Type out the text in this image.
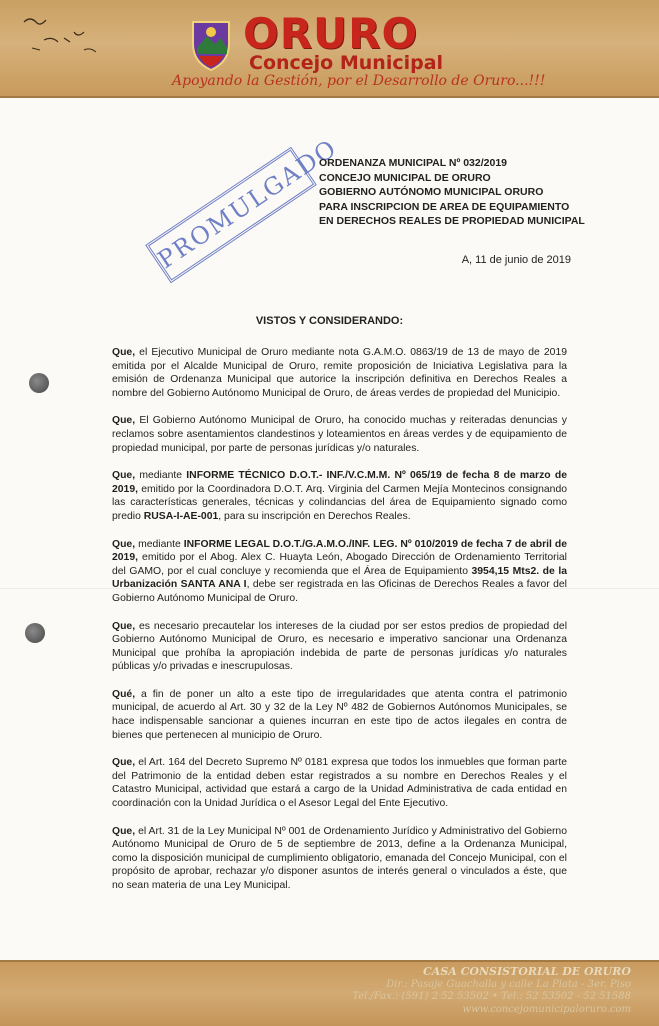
ORURO
Concejo Municipal
Apoyando la Gestión, por el Desarrollo de Oruro...!!!
PROMULGADO
ORDENANZA MUNICIPAL Nº 032/2019
CONCEJO MUNICIPAL DE ORURO
GOBIERNO AUTÓNOMO MUNICIPAL ORURO
PARA INSCRIPCION DE AREA DE EQUIPAMIENTO
EN DERECHOS REALES DE PROPIEDAD MUNICIPAL
A, 11 de junio de 2019
VISTOS Y CONSIDERANDO:

Que, el Ejecutivo Municipal de Oruro mediante nota G.A.M.O. 0863/19 de 13 de mayo de 2019 emitida por el Alcalde Municipal de Oruro, remite proposición de Iniciativa Legislativa para la emisión de Ordenanza Municipal que autorice la inscripción definitiva en Derechos Reales a nombre del Gobierno Autónomo Municipal de Oruro, de áreas verdes de propiedad del Municipio.

Que, El Gobierno Autónomo Municipal de Oruro, ha conocido muchas y reiteradas denuncias y reclamos sobre asentamientos clandestinos y loteamientos en áreas verdes y de equipamiento de propiedad municipal, por parte de personas jurídicas y/o naturales.

Que, mediante INFORME TÉCNICO D.O.T.- INF./V.C.M.M. Nº 065/19 de fecha 8 de marzo de 2019, emitido por la Coordinadora D.O.T. Arq. Virginia del Carmen Mejía Montecinos consignando las características generales, técnicas y colindancias del área de Equipamiento signado como predio RUSA-I-AE-001, para su inscripción en Derechos Reales.

Que, mediante INFORME LEGAL D.O.T./G.A.M.O./INF. LEG. Nº 010/2019 de fecha 7 de abril de 2019, emitido por el Abog. Alex C. Huayta León, Abogado Dirección de Ordenamiento Territorial del GAMO, por el cual concluye y recomienda que el Área de Equipamiento 3954,15 Mts2. de la Urbanización SANTA ANA I, debe ser registrada en las Oficinas de Derechos Reales a favor del Gobierno Autónomo Municipal de Oruro.

Que, es necesario precautelar los intereses de la ciudad por ser estos predios de propiedad del Gobierno Autónomo Municipal de Oruro, es necesario e imperativo sancionar una Ordenanza Municipal que prohíba la apropiación indebida de parte de personas jurídicas y/o naturales públicas y/o privadas e inescrupulosas.

Qué, a fin de poner un alto a este tipo de irregularidades que atenta contra el patrimonio municipal, de acuerdo al Art. 30 y 32 de la Ley Nº 482 de Gobiernos Autónomos Municipales, se hace indispensable sancionar a quienes incurran en este tipo de actos ilegales en contra de bienes que pertenecen al municipio de Oruro.

Que, el Art. 164 del Decreto Supremo Nº 0181 expresa que todos los inmuebles que forman parte del Patrimonio de la entidad deben estar registrados a su nombre en Derechos Reales y el Catastro Municipal, actividad que estará a cargo de la Unidad Administrativa de cada entidad en coordinación con la Unidad Jurídica o el Asesor Legal del Ente Ejecutivo.

Que, el Art. 31 de la Ley Municipal Nº 001 de Ordenamiento Jurídico y Administrativo del Gobierno Autónomo Municipal de Oruro de 5 de septiembre de 2013, define a la Ordenanza Municipal, como la disposición municipal de cumplimiento obligatorio, emanada del Concejo Municipal, con el propósito de aprobar, rechazar y/o disponer asuntos de interés general o vinculados a éste, que no sean materia de una Ley Municipal.

CASA CONSISTORIAL DE ORURO
Dir.: Pasaje Guachalla y calle La Plata - 3er. Piso
Tel./Fax.: (591) 2 52 53502 • Tel.: 52 53502 - 52 51588
www.concejomunicipaloruro.com
